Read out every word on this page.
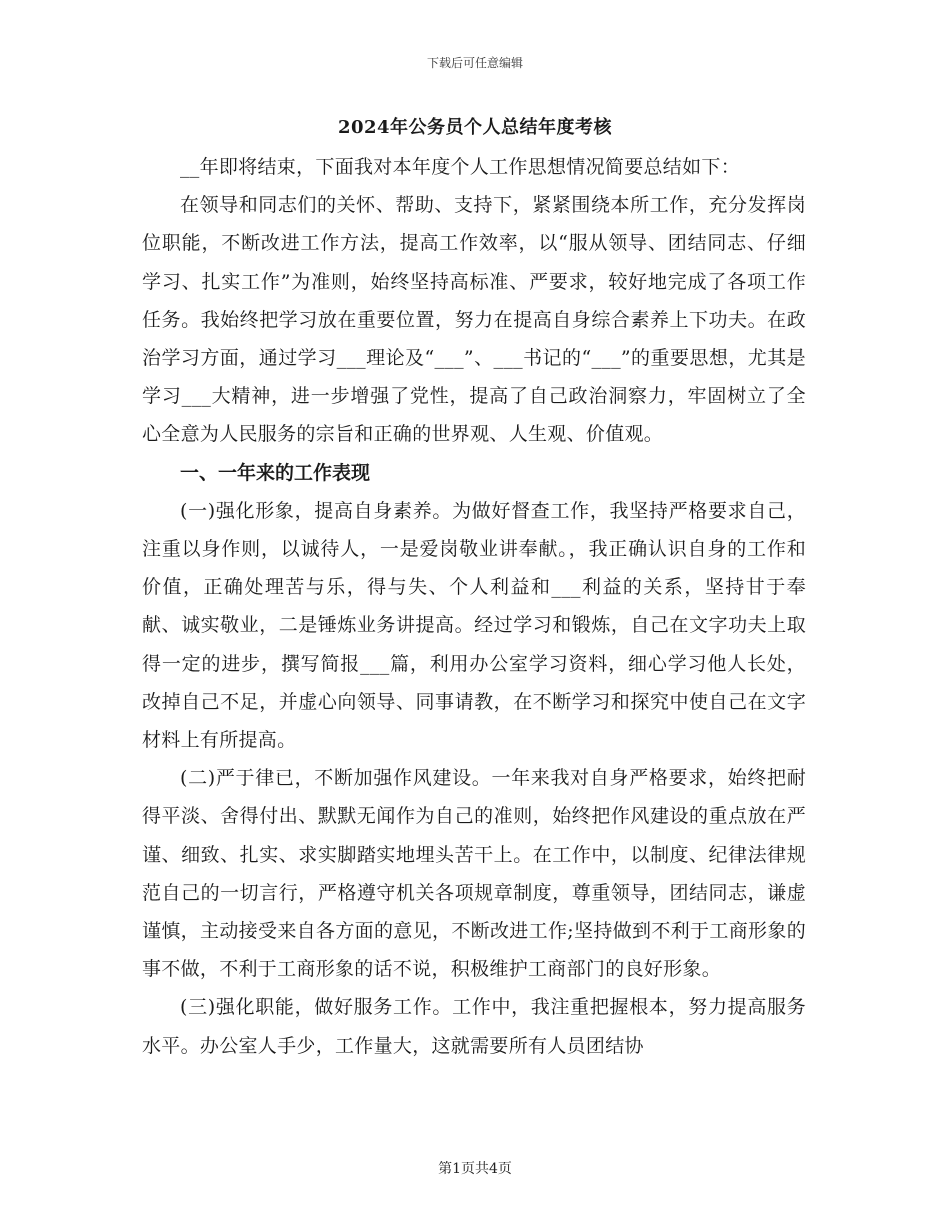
下载后可任意编辑
2024年公务员个人总结年度考核

__年即将结束，下面我对本年度个人工作思想情况简要总结如下：

在领导和同志们的关怀、帮助、支持下，紧紧围绕本所工作，充分发挥岗位职能，不断改进工作方法，提高工作效率，以“服从领导、团结同志、仔细学习、扎实工作”为准则，始终坚持高标准、严要求，较好地完成了各项工作任务。我始终把学习放在重要位置，努力在提高自身综合素养上下功夫。在政治学习方面，通过学习___理论及“___”、___书记的“___”的重要思想，尤其是学习___大精神，进一步增强了党性，提高了自己政治洞察力，牢固树立了全心全意为人民服务的宗旨和正确的世界观、人生观、价值观。

一、一年来的工作表现

(一)强化形象，提高自身素养。为做好督查工作，我坚持严格要求自己，注重以身作则，以诚待人，一是爱岗敬业讲奉献。，我正确认识自身的工作和价值，正确处理苦与乐，得与失、个人利益和___利益的关系，坚持甘于奉献、诚实敬业，二是锤炼业务讲提高。经过学习和锻炼，自己在文字功夫上取得一定的进步，撰写简报___篇，利用办公室学习资料，细心学习他人长处，改掉自己不足，并虚心向领导、同事请教，在不断学习和探究中使自己在文字材料上有所提高。

(二)严于律已，不断加强作风建设。一年来我对自身严格要求，始终把耐得平淡、舍得付出、默默无闻作为自己的准则，始终把作风建设的重点放在严谨、细致、扎实、求实脚踏实地埋头苦干上。在工作中，以制度、纪律法律规范自己的一切言行，严格遵守机关各项规章制度，尊重领导，团结同志，谦虚谨慎，主动接受来自各方面的意见，不断改进工作;坚持做到不利于工商形象的事不做，不利于工商形象的话不说，积极维护工商部门的良好形象。

(三)强化职能，做好服务工作。工作中，我注重把握根本，努力提高服务水平。办公室人手少，工作量大，这就需要所有人员团结协

第1页共4页
